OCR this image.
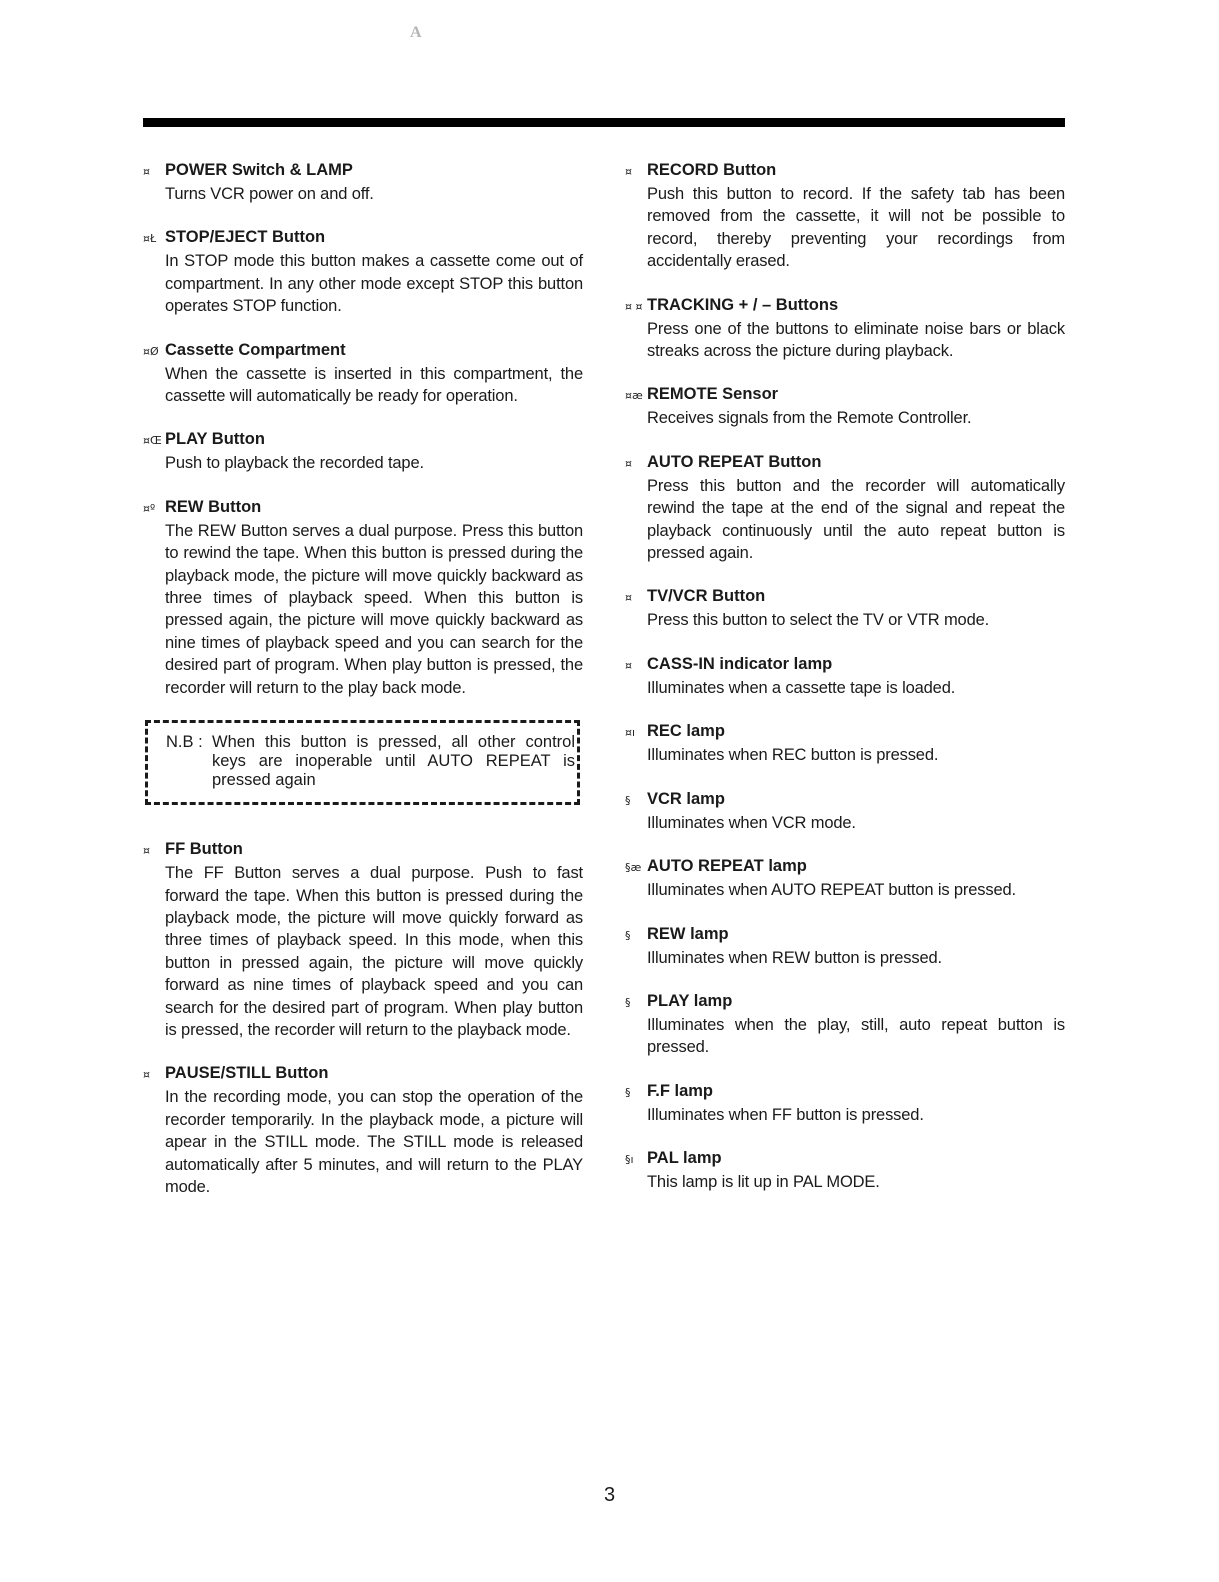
A
¤ POWER Switch & LAMP
Turns VCR power on and off.
¤Ł STOP/EJECT Button
In STOP mode this button makes a cassette come out of compartment. In any other mode except STOP this button operates STOP function.
¤Ø Cassette Compartment
When the cassette is inserted in this compartment, the cassette will automatically be ready for operation.
¤Œ PLAY Button
Push to playback the recorded tape.
¤º REW Button
The REW Button serves a dual purpose. Press this button to rewind the tape. When this button is pressed during the playback mode, the picture will move quickly backward as three times of playback speed. When this button is pressed again, the picture will move quickly backward as nine times of playback speed and you can search for the desired part of program. When play button is pressed, the recorder will return to the play back mode.
N.B : When this button is pressed, all other control keys are inoperable until AUTO REPEAT is pressed again
¤ FF Button
The FF Button serves a dual purpose. Push to fast forward the tape. When this button is pressed during the playback mode, the picture will move quickly forward as three times of playback speed. In this mode, when this button in pressed again, the picture will move quickly forward as nine times of playback speed and you can search for the desired part of program. When play button is pressed, the recorder will return to the playback mode.
¤ PAUSE/STILL Button
In the recording mode, you can stop the operation of the recorder temporarily. In the playback mode, a picture will apear in the STILL mode. The STILL mode is released automatically after 5 minutes, and will return to the PLAY mode.
¤ RECORD Button
Push this button to record. If the safety tab has been removed from the cassette, it will not be possible to record, thereby preventing your recordings from accidentally erased.
¤ ¤ TRACKING + / – Buttons
Press one of the buttons to eliminate noise bars or black streaks across the picture during playback.
¤æ REMOTE Sensor
Receives signals from the Remote Controller.
¤ AUTO REPEAT Button
Press this button and the recorder will automatically rewind the tape at the end of the signal and repeat the playback continuously until the auto repeat button is pressed again.
¤ TV/VCR Button
Press this button to select the TV or VTR mode.
¤ CASS-IN indicator lamp
Illuminates when a cassette tape is loaded.
¤ı REC lamp
Illuminates when REC button is pressed.
§	VCR lamp
Illuminates when VCR mode.
§æ AUTO REPEAT lamp
Illuminates when AUTO REPEAT button is pressed.
§	REW lamp
Illuminates when REW button is pressed.
§	PLAY lamp
Illuminates when the play, still, auto repeat button is pressed.
§	F.F lamp
Illuminates when FF button is pressed.
§ı PAL lamp
This lamp is lit up in PAL MODE.
3
